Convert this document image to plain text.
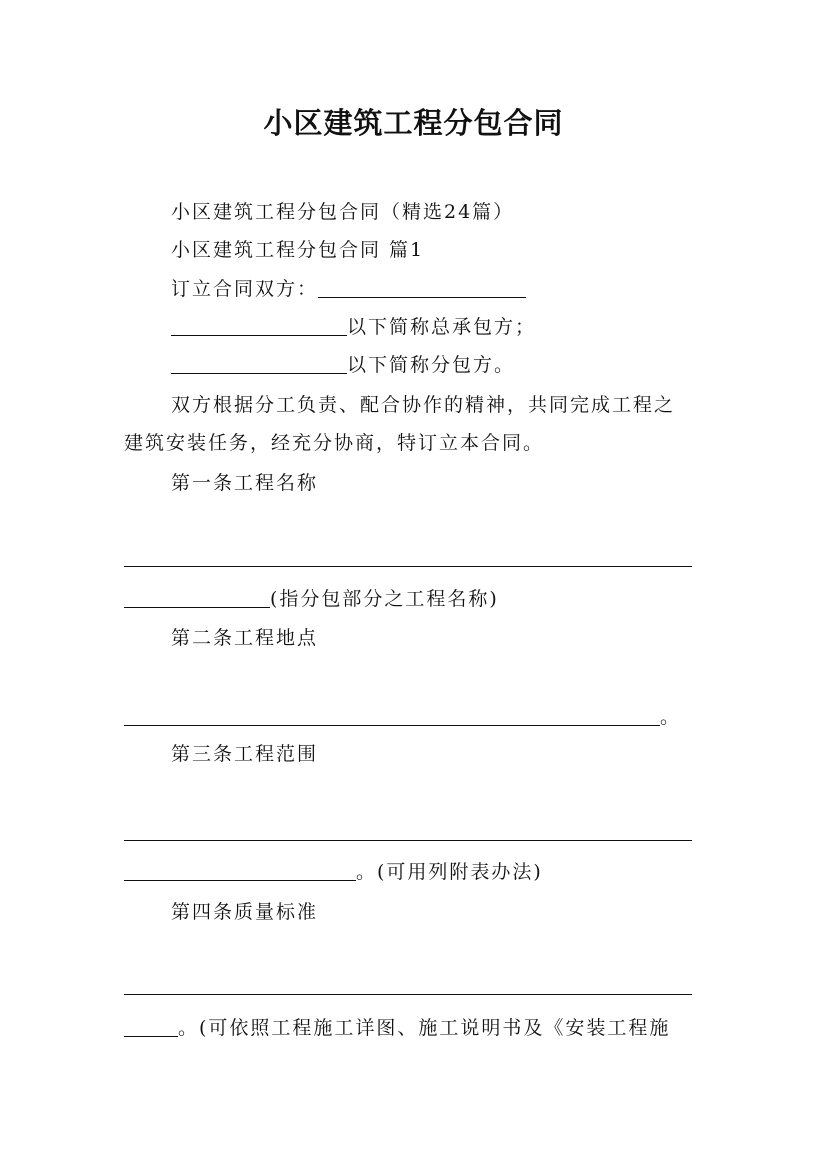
小区建筑工程分包合同
小区建筑工程分包合同（精选24篇）
小区建筑工程分包合同 篇1
订立合同双方：
以下简称总承包方；
以下简称分包方。
双方根据分工负责、配合协作的精神，共同完成工程之
建筑安装任务，经充分协商，特订立本合同。
第一条工程名称
(指分包部分之工程名称)
第二条工程地点
。
第三条工程范围
。(可用列附表办法)
第四条质量标准
。(可依照工程施工详图、施工说明书及《安装工程施
